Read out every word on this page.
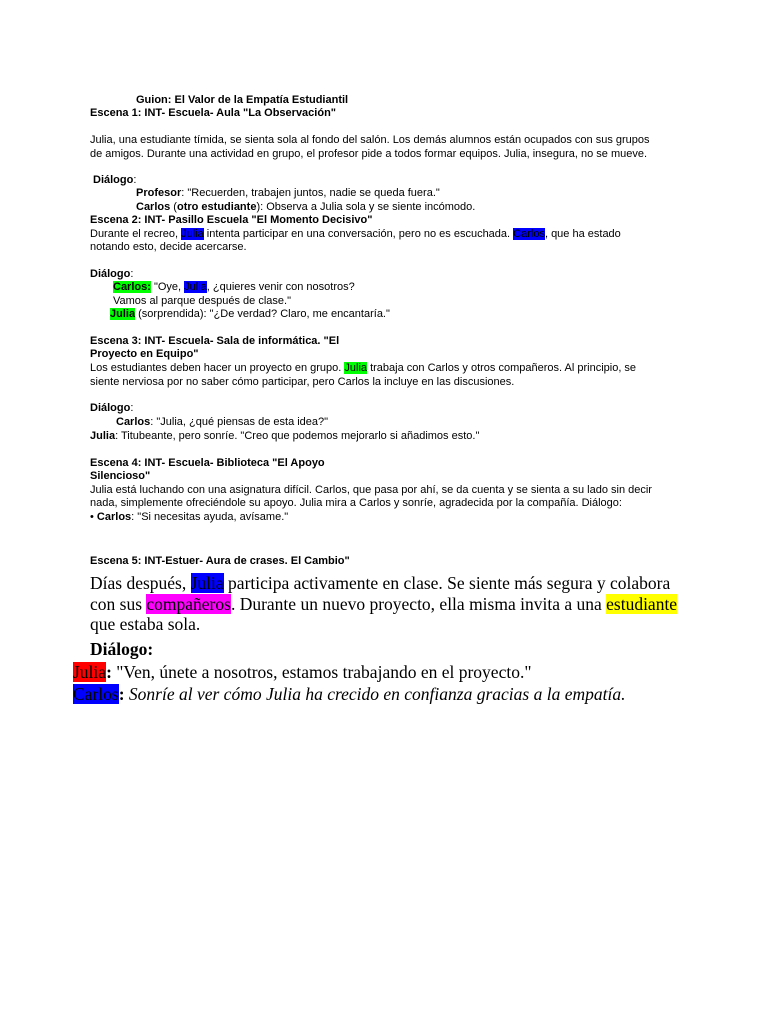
Guion: El Valor de la Empatía Estudiantil
Escena 1: INT- Escuela- Aula "La Observación"
Julia, una estudiante tímida, se sienta sola al fondo del salón. Los demás alumnos están ocupados con sus grupos
de amigos. Durante una actividad en grupo, el profesor pide a todos formar equipos. Julia, insegura, no se mueve.
Diálogo:
Profesor: "Recuerden, trabajen juntos, nadie se queda fuera."
Carlos (otro estudiante): Observa a Julia sola y se siente incómodo.
Escena 2: INT- Pasillo Escuela "El Momento Decisivo"
Durante el recreo, Julia intenta participar en una conversación, pero no es escuchada. Carlos, que ha estado
notando esto, decide acercarse.
Diálogo:
Carlos: "Oye, Julia, ¿quieres venir con nosotros?
Vamos al parque después de clase."
Julia (sorprendida): "¿De verdad? Claro, me encantaría."
Escena 3: INT- Escuela- Sala de informática. "El
Proyecto en Equipo"
Los estudiantes deben hacer un proyecto en grupo. Julia trabaja con Carlos y otros compañeros. Al principio, se
siente nerviosa por no saber cómo participar, pero Carlos la incluye en las discusiones.
Diálogo:
Carlos: "Julia, ¿qué piensas de esta idea?"
Julia: Titubeante, pero sonríe. "Creo que podemos mejorarlo si añadimos esto."
Escena 4: INT- Escuela- Biblioteca "El Apoyo
Silencioso"
Julia está luchando con una asignatura difícil. Carlos, que pasa por ahí, se da cuenta y se sienta a su lado sin decir
nada, simplemente ofreciéndole su apoyo. Julia mira a Carlos y sonríe, agradecida por la compañía. Diálogo:
• Carlos: "Si necesitas ayuda, avísame."
Escena 5: INT-Estuer- Aura de crases. El Cambio"
Días después, Julia participa activamente en clase. Se siente más segura y colabora
con sus compañeros. Durante un nuevo proyecto, ella misma invita a una estudiante
que estaba sola.
Diálogo:
Julia: "Ven, únete a nosotros, estamos trabajando en el proyecto."
Carlos: Sonríe al ver cómo Julia ha crecido en confianza gracias a la empatía.
